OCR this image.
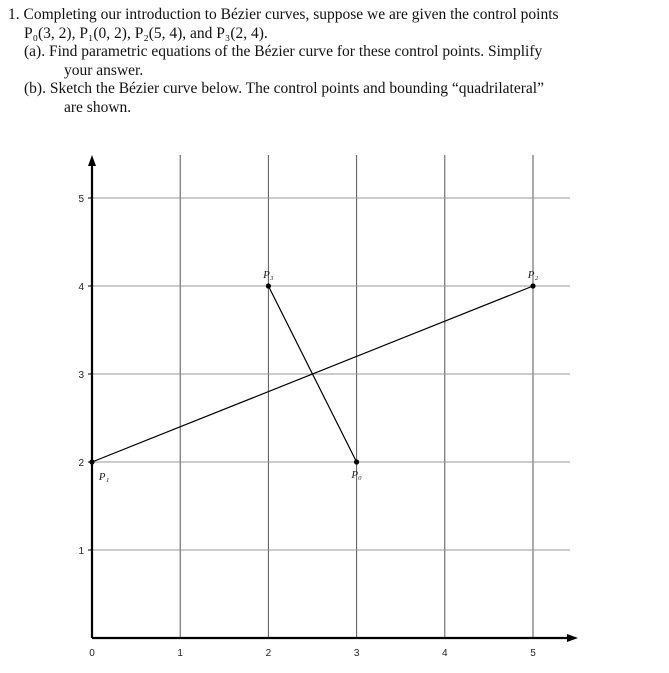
1. Completing our introduction to Bézier curves, suppose we are given the control points
P₀(3, 2), P₁(0, 2), P₂(5, 4), and P₃(2, 4).
(a). Find parametric equations of the Bézier curve for these control points. Simplify
your answer.
(b). Sketch the Bézier curve below. The control points and bounding “quadrilateral”
are shown.
P₀
P₁
P₂
P₃
0	1	2	3	4	5
1
2
3
4
5
